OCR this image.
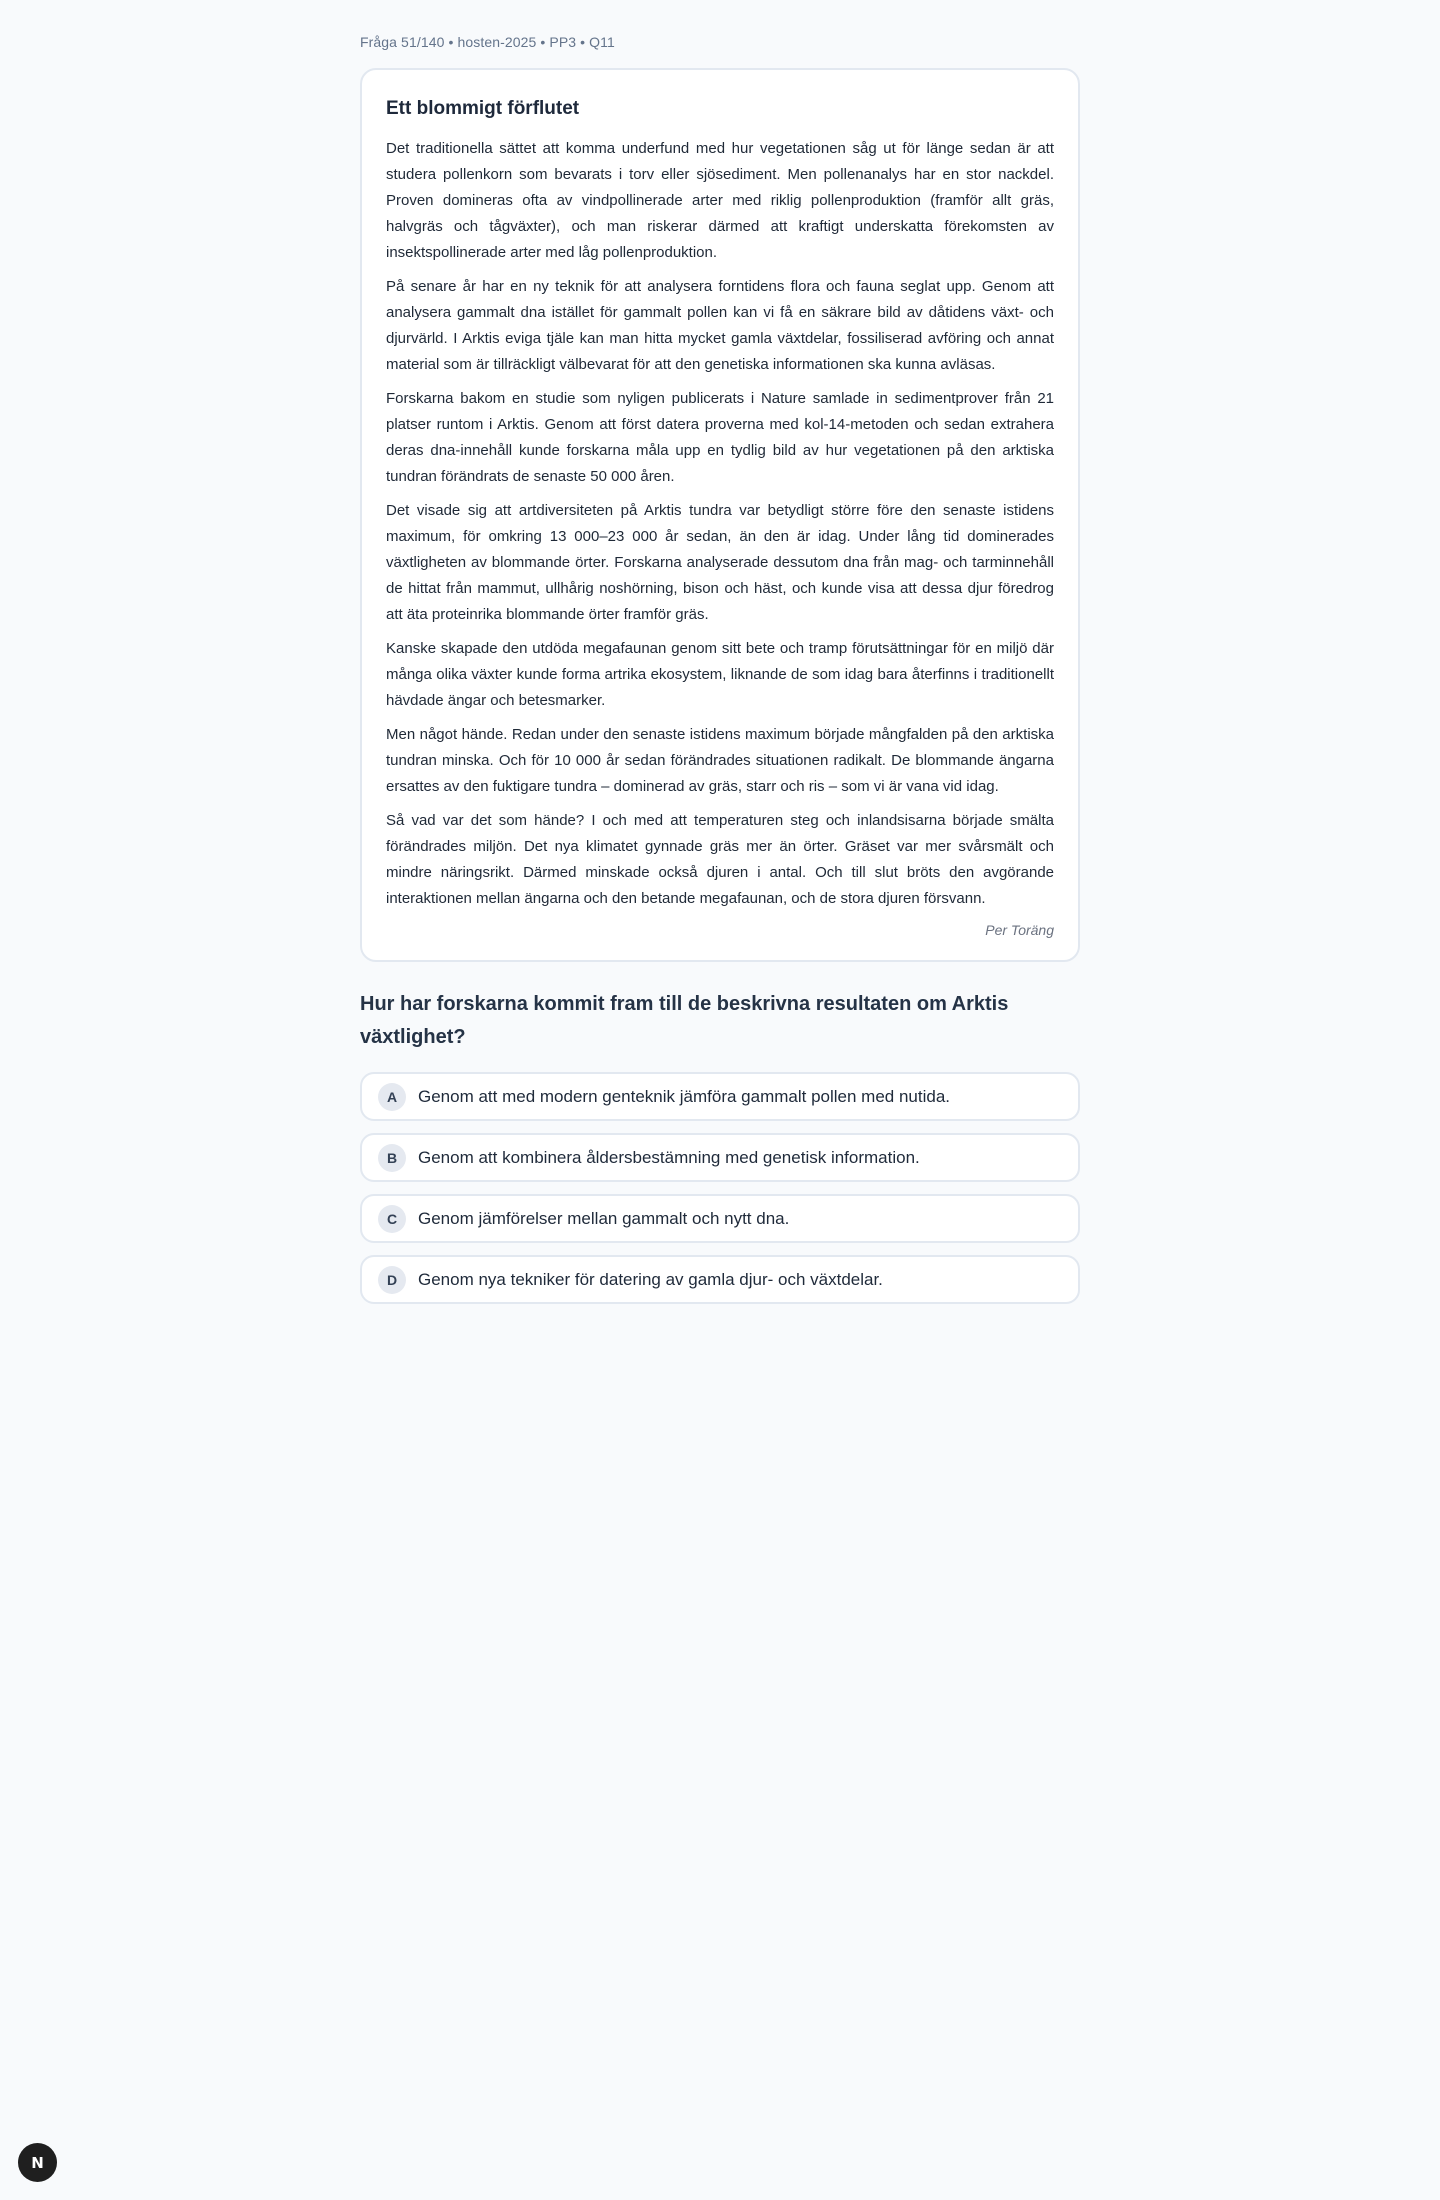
Fråga 51/140 • hosten-2025 • PP3 • Q11
Ett blommigt förflutet

Det traditionella sättet att komma underfund med hur vegetationen såg ut för länge sedan är att studera pollenkorn som bevarats i torv eller sjösediment. Men pollenanalys har en stor nackdel. Proven domineras ofta av vindpollinerade arter med riklig pollenproduktion (framför allt gräs, halvgräs och tågväxter), och man riskerar därmed att kraftigt underskatta förekomsten av insektspollinerade arter med låg pollenproduktion.

På senare år har en ny teknik för att analysera forntidens flora och fauna seglat upp. Genom att analysera gammalt dna istället för gammalt pollen kan vi få en säkrare bild av dåtidens växt- och djurvärld. I Arktis eviga tjäle kan man hitta mycket gamla växtdelar, fossiliserad avföring och annat material som är tillräckligt välbevarat för att den genetiska informationen ska kunna avläsas.

Forskarna bakom en studie som nyligen publicerats i Nature samlade in sedimentprover från 21 platser runtom i Arktis. Genom att först datera proverna med kol-14-metoden och sedan extrahera deras dna-innehåll kunde forskarna måla upp en tydlig bild av hur vegetationen på den arktiska tundran förändrats de senaste 50 000 åren.

Det visade sig att artdiversiteten på Arktis tundra var betydligt större före den senaste istidens maximum, för omkring 13 000–23 000 år sedan, än den är idag. Under lång tid dominerades växtligheten av blommande örter. Forskarna analyserade dessutom dna från mag- och tarminnehåll de hittat från mammut, ullhårig noshörning, bison och häst, och kunde visa att dessa djur föredrog att äta proteinrika blommande örter framför gräs.

Kanske skapade den utdöda megafaunan genom sitt bete och tramp förutsättningar för en miljö där många olika växter kunde forma artrika ekosystem, liknande de som idag bara återfinns i traditionellt hävdade ängar och betesmarker.

Men något hände. Redan under den senaste istidens maximum började mångfalden på den arktiska tundran minska. Och för 10 000 år sedan förändrades situationen radikalt. De blommande ängarna ersattes av den fuktigare tundra – dominerad av gräs, starr och ris – som vi är vana vid idag.

Så vad var det som hände? I och med att temperaturen steg och inlandsisarna började smälta förändrades miljön. Det nya klimatet gynnade gräs mer än örter. Gräset var mer svårsmält och mindre näringsrikt. Därmed minskade också djuren i antal. Och till slut bröts den avgörande interaktionen mellan ängarna och den betande megafaunan, och de stora djuren försvann.

Per Toräng
Hur har forskarna kommit fram till de beskrivna resultaten om Arktis växtlighet?
A	Genom att med modern genteknik jämföra gammalt pollen med nutida.
B	Genom att kombinera åldersbestämning med genetisk information.
C	Genom jämförelser mellan gammalt och nytt dna.
D	Genom nya tekniker för datering av gamla djur- och växtdelar.
N
